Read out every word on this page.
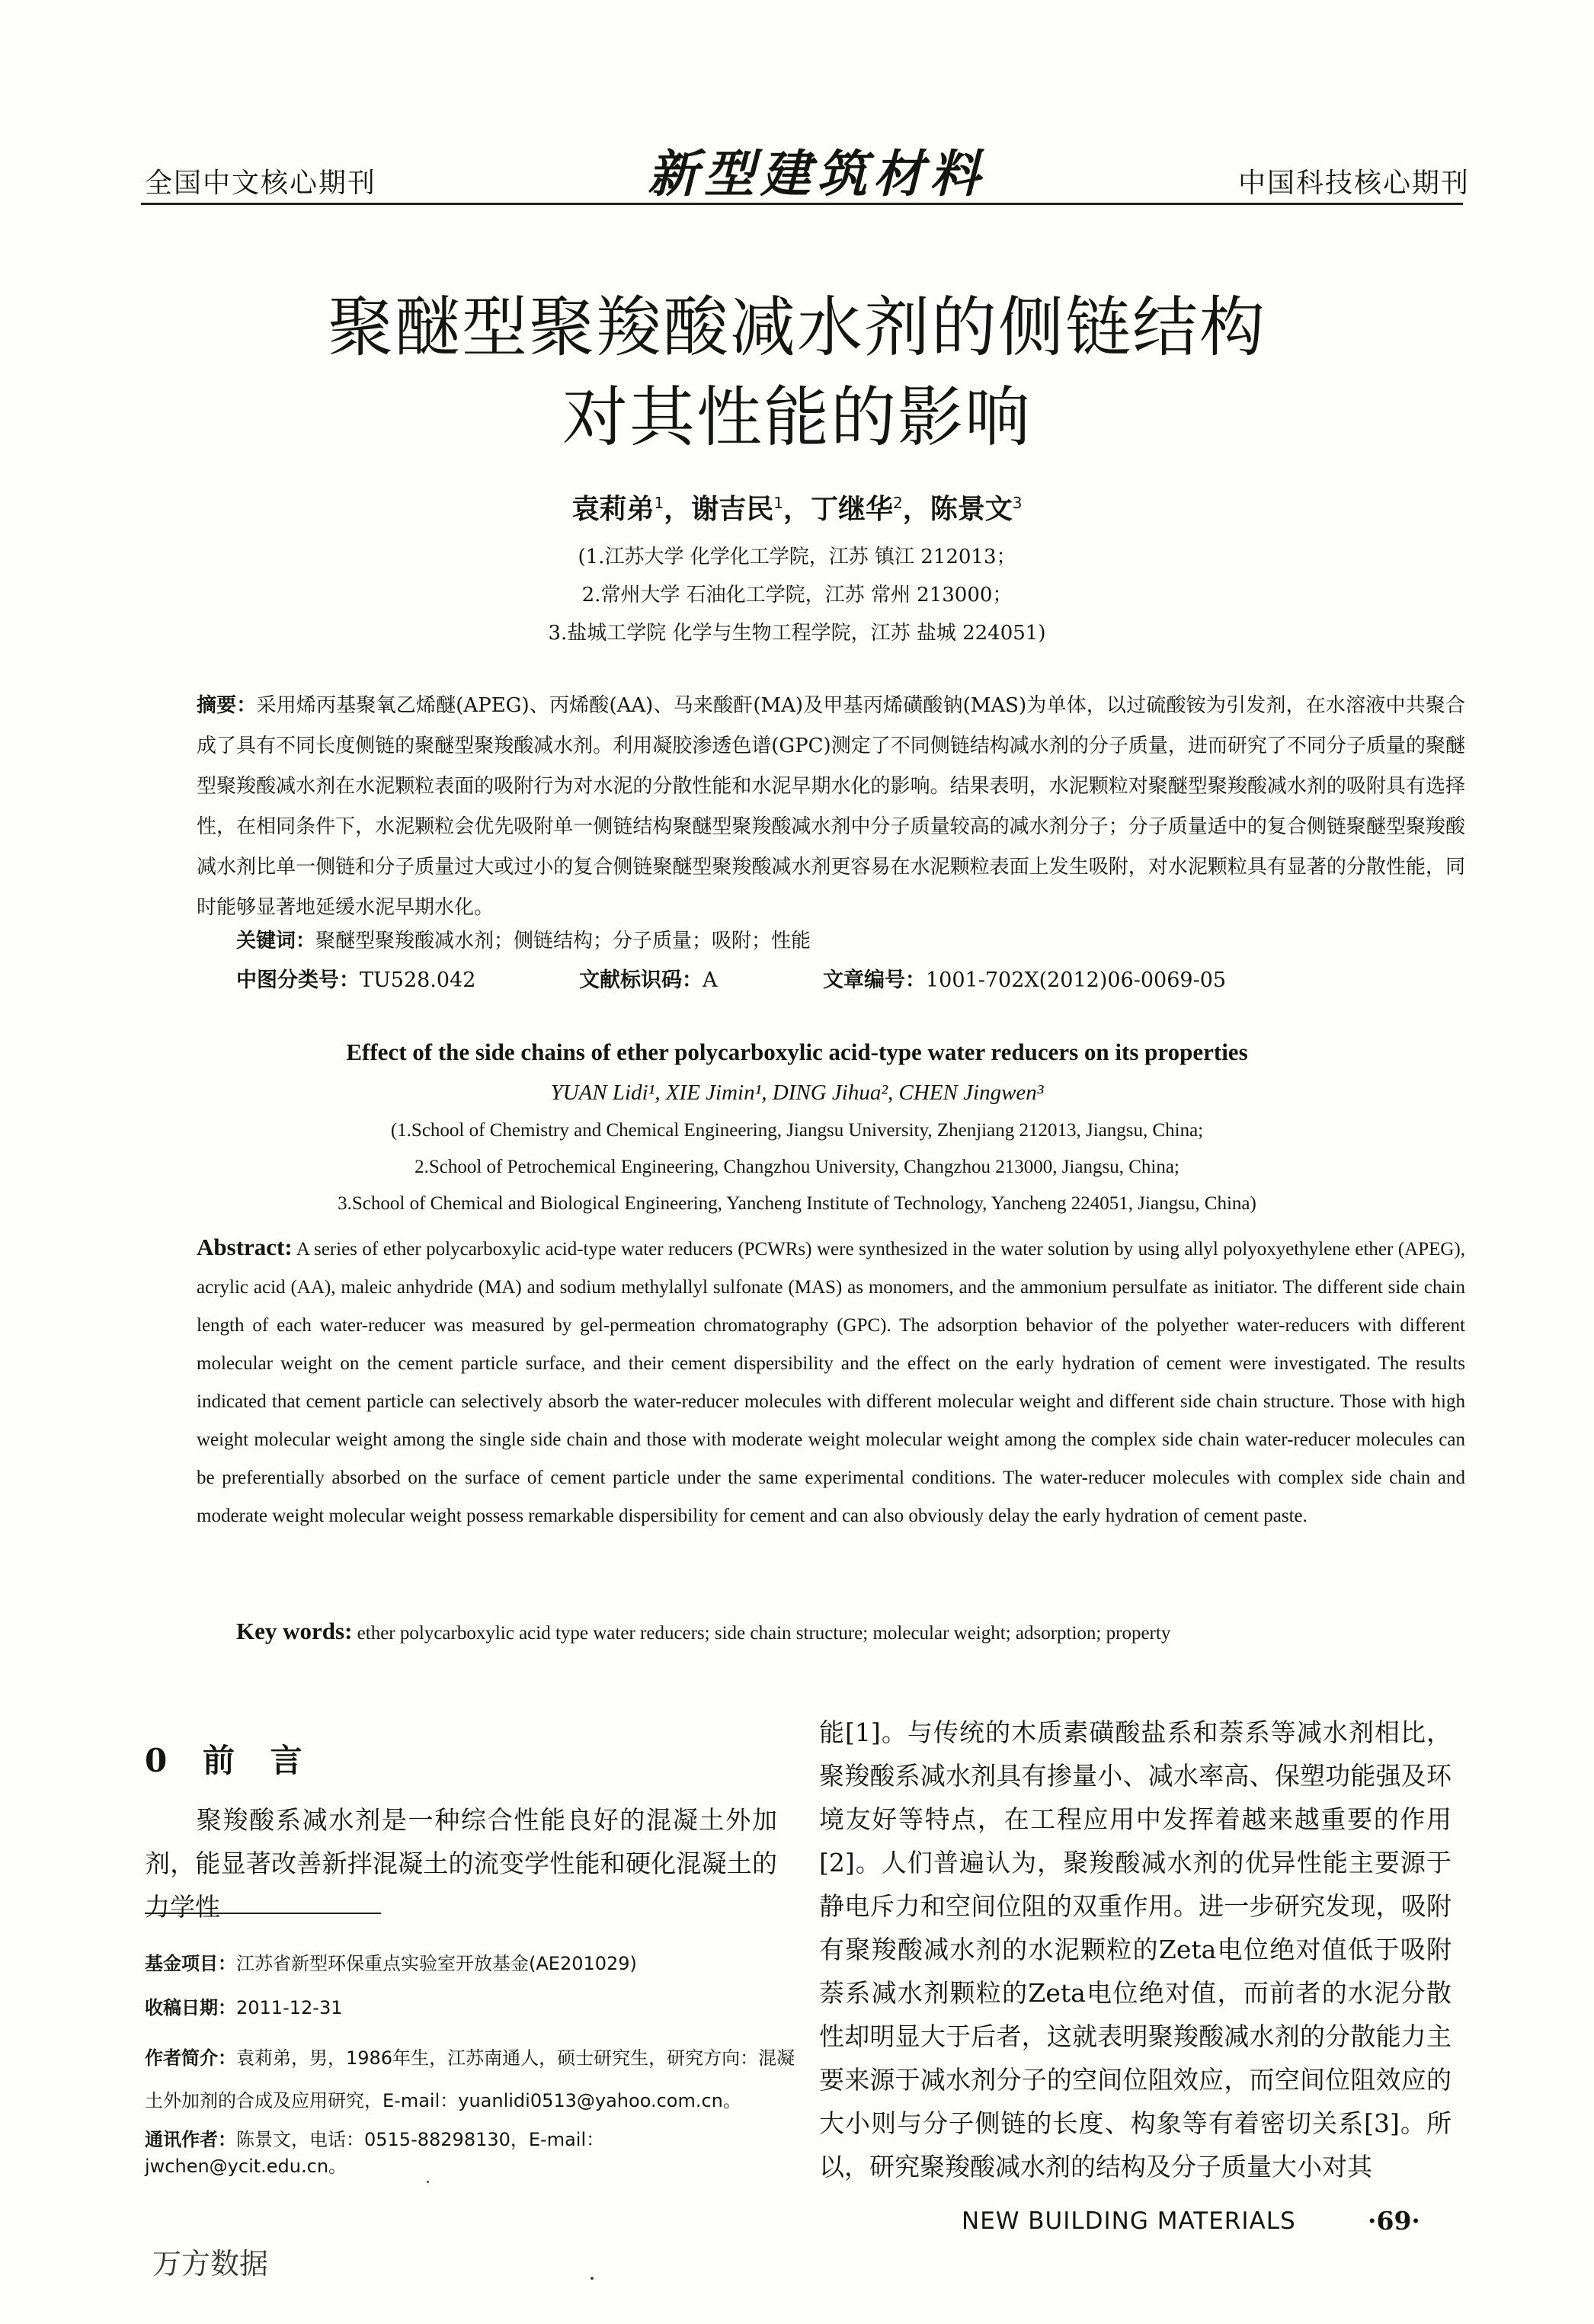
全国中文核心期刊	新型建筑材料	中国科技核心期刊
聚醚型聚羧酸减水剂的侧链结构
对其性能的影响
袁莉弟$^1$，谢吉民$^1$，丁继华$^2$，陈景文$^3$
(1.江苏大学 化学化工学院，江苏 镇江 212013；
2.常州大学 石油化工学院，江苏 常州 213000；
3.盐城工学院 化学与生物工程学院，江苏 盐城 224051)
摘要：采用烯丙基聚氧乙烯醚(APEG)、丙烯酸(AA)、马来酸酐(MA)及甲基丙烯磺酸钠(MAS)为单体，以过硫酸铵为引发剂，在水溶液中共聚合成了具有不同长度侧链的聚醚型聚羧酸减水剂。利用凝胶渗透色谱(GPC)测定了不同侧链结构减水剂的分子质量，进而研究了不同分子质量的聚醚型聚羧酸减水剂在水泥颗粒表面的吸附行为对水泥的分散性能和水泥早期水化的影响。结果表明，水泥颗粒对聚醚型聚羧酸减水剂的吸附具有选择性，在相同条件下，水泥颗粒会优先吸附单一侧链结构聚醚型聚羧酸减水剂中分子质量较高的减水剂分子；分子质量适中的复合侧链聚醚型聚羧酸减水剂比单一侧链和分子质量过大或过小的复合侧链聚醚型聚羧酸减水剂更容易在水泥颗粒表面上发生吸附，对水泥颗粒具有显著的分散性能，同时能够显著地延缓水泥早期水化。
关键词：聚醚型聚羧酸减水剂；侧链结构；分子质量；吸附；性能
中图分类号：TU528.042	文献标识码：A	文章编号：1001-702X(2012)06-0069-05
Effect of the side chains of ether polycarboxylic acid-type water reducers on its properties
YUAN Lidi¹, XIE Jimin¹, DING Jihua², CHEN Jingwen³
(1.School of Chemistry and Chemical Engineering, Jiangsu University, Zhenjiang 212013, Jiangsu, China;
2.School of Petrochemical Engineering, Changzhou University, Changzhou 213000, Jiangsu, China;
3.School of Chemical and Biological Engineering, Yancheng Institute of Technology, Yancheng 224051, Jiangsu, China)
Abstract: A series of ether polycarboxylic acid-type water reducers (PCWRs) were synthesized in the water solution by using allyl polyoxyethylene ether (APEG), acrylic acid (AA), maleic anhydride (MA) and sodium methylallyl sulfonate (MAS) as monomers, and the ammonium persulfate as initiator. The different side chain length of each water-reducer was measured by gel-permeation chromatography (GPC). The adsorption behavior of the polyether water-reducers with different molecular weight on the cement particle surface, and their cement dispersibility and the effect on the early hydration of cement were investigated. The results indicated that cement particle can selectively absorb the water-reducer molecules with different molecular weight and different side chain structure. Those with high weight molecular weight among the single side chain and those with moderate weight molecular weight among the complex side chain water-reducer molecules can be preferentially absorbed on the surface of cement particle under the same experimental conditions. The water-reducer molecules with complex side chain and moderate weight molecular weight possess remarkable dispersibility for cement and can also obviously delay the early hydration of cement paste.
Key words: ether polycarboxylic acid type water reducers; side chain structure; molecular weight; adsorption; property
0 前 言
聚羧酸系减水剂是一种综合性能良好的混凝土外加剂，能显著改善新拌混凝土的流变学性能和硬化混凝土的力学性
能[1]。与传统的木质素磺酸盐系和萘系等减水剂相比，聚羧酸系减水剂具有掺量小、减水率高、保塑功能强及环境友好等特点，在工程应用中发挥着越来越重要的作用[2]。人们普遍认为，聚羧酸减水剂的优异性能主要源于静电斥力和空间位阻的双重作用。进一步研究发现，吸附有聚羧酸减水剂的水泥颗粒的Zeta电位绝对值低于吸附萘系减水剂颗粒的Zeta电位绝对值，而前者的水泥分散性却明显大于后者，这就表明聚羧酸减水剂的分散能力主要来源于减水剂分子的空间位阻效应，而空间位阻效应的大小则与分子侧链的长度、构象等有着密切关系[3]。所以，研究聚羧酸减水剂的结构及分子质量大小对其
基金项目：江苏省新型环保重点实验室开放基金(AE201029)
收稿日期：2011-12-31
作者简介：袁莉弟，男，1986年生，江苏南通人，硕士研究生，研究方向：混凝土外加剂的合成及应用研究，E-mail：yuanlidi0513@yahoo.com.cn。
通讯作者：陈景文，电话：0515-88298130，E-mail：jwchen@ycit.edu.cn。
NEW BUILDING MATERIALS	·69·
万方数据
